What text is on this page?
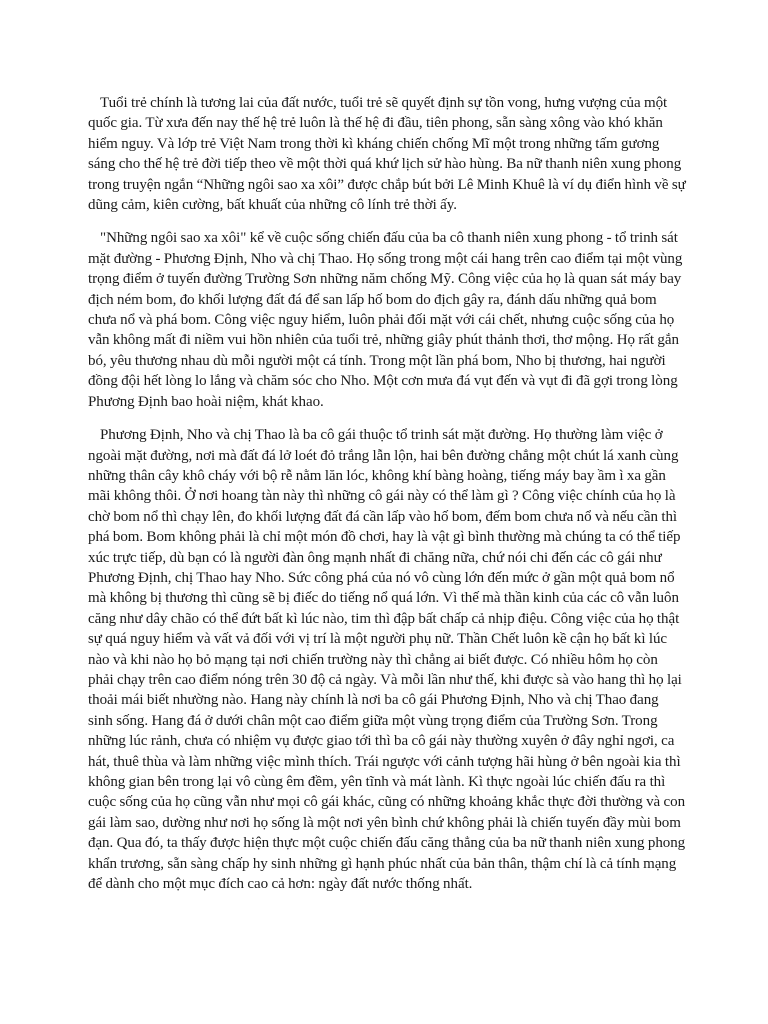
Tuổi trẻ chính là tương lai của đất nước, tuổi trẻ sẽ quyết định sự tồn vong, hưng vượng của một quốc gia. Từ xưa đến nay thế hệ trẻ luôn là thế hệ đi đầu, tiên phong, sẵn sàng xông vào khó khăn hiểm nguy. Và lớp trẻ Việt Nam trong thời kì kháng chiến chống Mĩ một trong những tấm gương sáng cho thế hệ trẻ đời tiếp theo về một thời quá khứ lịch sử hào hùng. Ba nữ thanh niên xung phong trong truyện ngắn “Những ngôi sao xa xôi” được chắp bút bởi Lê Minh Khuê là ví dụ điển hình về sự dũng cảm, kiên cường, bất khuất của những cô lính trẻ thời ấy.

"Những ngôi sao xa xôi" kể về cuộc sống chiến đấu của ba cô thanh niên xung phong - tổ trinh sát mặt đường - Phương Định, Nho và chị Thao. Họ sống trong một cái hang trên cao điểm tại một vùng trọng điểm ở tuyến đường Trường Sơn những năm chống Mỹ. Công việc của họ là quan sát máy bay địch ném bom, đo khối lượng đất đá để san lấp hố bom do địch gây ra, đánh dấu những quả bom chưa nổ và phá bom. Công việc nguy hiểm, luôn phải đối mặt với cái chết, nhưng cuộc sống của họ vẫn không mất đi niềm vui hồn nhiên của tuổi trẻ, những giây phút thảnh thơi, thơ mộng. Họ rất gắn bó, yêu thương nhau dù mỗi người một cá tính. Trong một lần phá bom, Nho bị thương, hai người đồng đội hết lòng lo lắng và chăm sóc cho Nho. Một cơn mưa đá vụt đến và vụt đi đã gợi trong lòng Phương Định bao hoài niệm, khát khao.

Phương Định, Nho và chị Thao là ba cô gái thuộc tổ trinh sát mặt đường. Họ thường làm việc ở ngoài mặt đường, nơi mà đất đá lở loét đỏ trắng lẫn lộn, hai bên đường chẳng một chút lá xanh cùng những thân cây khô cháy với bộ rễ nằm lăn lóc, không khí bàng hoàng, tiếng máy bay ầm ì xa gần mãi không thôi. Ở nơi hoang tàn này thì những cô gái này có thể làm gì ? Công việc chính của họ là chờ bom nổ thì chạy lên, đo khối lượng đất đá cần lấp vào hố bom, đếm bom chưa nổ và nếu cần thì phá bom. Bom không phải là chỉ một món đồ chơi, hay là vật gì bình thường mà chúng ta có thể tiếp xúc trực tiếp, dù bạn có là người đàn ông mạnh nhất đi chăng nữa, chứ nói chi đến các cô gái như Phương Định, chị Thao hay Nho. Sức công phá của nó vô cùng lớn đến mức ở gần một quả bom nổ mà không bị thương thì cũng sẽ bị điếc do tiếng nổ quá lớn. Vì thế mà thần kinh của các cô vẫn luôn căng như dây chão có thể đứt bất kì lúc nào, tim thì đập bất chấp cả nhịp điệu. Công việc của họ thật sự quá nguy hiểm và vất vả đối với vị trí là một người phụ nữ. Thần Chết luôn kề cận họ bất kì lúc nào và khi nào họ bỏ mạng tại nơi chiến trường này thì chẳng ai biết được. Có nhiều hôm họ còn phải chạy trên cao điểm nóng trên 30 độ cả ngày. Và mỗi lần như thế, khi được sà vào hang thì họ lại thoải mái biết nhường nào. Hang này chính là nơi ba cô gái Phương Định, Nho và chị Thao đang sinh sống. Hang đá ở dưới chân một cao điểm giữa một vùng trọng điểm của Trường Sơn. Trong những lúc rảnh, chưa có nhiệm vụ được giao tới thì ba cô gái này thường xuyên ở đây nghỉ ngơi, ca hát, thuê thùa và làm những việc mình thích. Trái ngược với cảnh tượng hãi hùng ở bên ngoài kia thì không gian bên trong lại vô cùng êm đềm, yên tĩnh và mát lành. Kì thực ngoài lúc chiến đấu ra thì cuộc sống của họ cũng vẫn như mọi cô gái khác, cũng có những khoảng khắc thực đời thường và con gái làm sao, dường như nơi họ sống là một nơi yên bình chứ không phải là chiến tuyến đầy mùi bom đạn. Qua đó, ta thấy được hiện thực một cuộc chiến đấu căng thẳng của ba nữ thanh niên xung phong khẩn trương, sẵn sàng chấp hy sinh những gì hạnh phúc nhất của bản thân, thậm chí là cả tính mạng để dành cho một mục đích cao cả hơn: ngày đất nước thống nhất.
